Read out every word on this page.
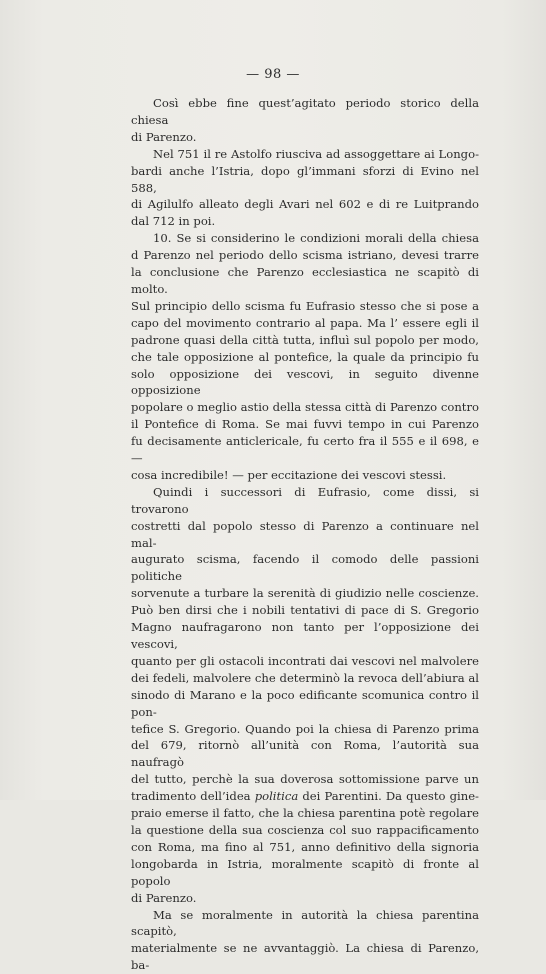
— 98 —
Così ebbe fine quest’agitato periodo storico della chiesa
di Parenzo.
Nel 751 il re Astolfo riusciva ad assoggettare ai Longo-
bardi anche l’Istria, dopo gl’immani sforzi di Evino nel 588,
di Agilulfo alleato degli Avari nel 602 e di re Luitprando
dal 712 in poi.
10. Se si considerino le condizioni morali della chiesa
d Parenzo nel periodo dello scisma istriano, devesi trarre
la conclusione che Parenzo ecclesiastica ne scapitò di molto.
Sul principio dello scisma fu Eufrasio stesso che si pose a
capo del movimento contrario al papa. Ma l’ essere egli il
padrone quasi della città tutta, influì sul popolo per modo,
che tale opposizione al pontefice, la quale da principio fu
solo opposizione dei vescovi, in seguito divenne opposizione
popolare o meglio astio della stessa città di Parenzo contro
il Pontefice di Roma. Se mai fuvvi tempo in cui Parenzo
fu decisamente anticlericale, fu certo fra il 555 e il 698, e —
cosa incredibile! — per eccitazione dei vescovi stessi.
Quindi i successori di Eufrasio, come dissi, si trovarono
costretti dal popolo stesso di Parenzo a continuare nel mal-
augurato scisma, facendo il comodo delle passioni politiche
sorvenute a turbare la serenità di giudizio nelle coscienze.
Può ben dirsi che i nobili tentativi di pace di S. Gregorio
Magno naufragarono non tanto per l’opposizione dei vescovi,
quanto per gli ostacoli incontrati dai vescovi nel malvolere
dei fedeli, malvolere che determinò la revoca dell’abiura al
sinodo di Marano e la poco edificante scomunica contro il pon-
tefice S. Gregorio. Quando poi la chiesa di Parenzo prima
del 679, ritornò all’unità con Roma, l’autorità sua naufragò
del tutto, perchè la sua doverosa sottomissione parve un
tradimento dell’idea politica dei Parentini. Da questo gine-
praio emerse il fatto, che la chiesa parentina potè regolare
la questione della sua coscienza col suo rappacificamento
con Roma, ma fino al 751, anno definitivo della signoria
longobarda in Istria, moralmente scapitò di fronte al popolo
di Parenzo.
Ma se moralmente in autorità la chiesa parentina scapitò,
materialmente se ne avvantaggiò. La chiesa di Parenzo, ba-
